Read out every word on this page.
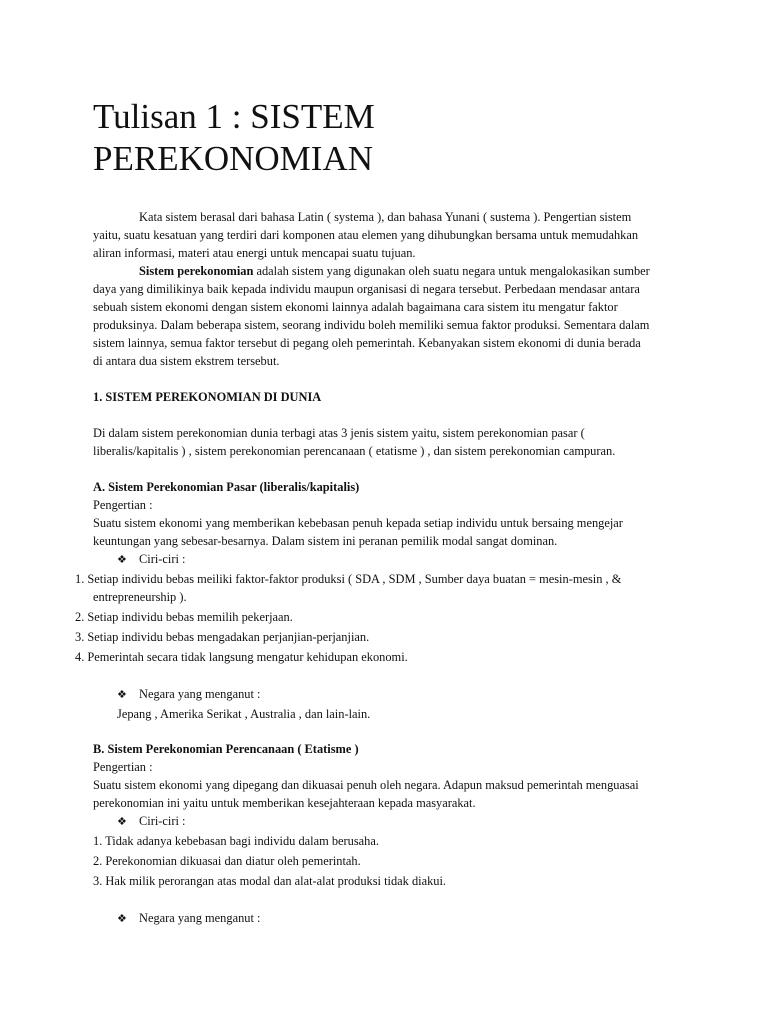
Tulisan 1 : SISTEM PEREKONOMIAN

Kata sistem berasal dari bahasa Latin ( systema ), dan bahasa Yunani ( sustema ). Pengertian sistem

yaitu, suatu kesatuan yang terdiri dari komponen atau elemen yang dihubungkan bersama untuk memudahkan

aliran informasi, materi atau energi untuk mencapai suatu tujuan.

Sistem perekonomian adalah sistem yang digunakan oleh suatu negara untuk mengalokasikan sumber

daya yang dimilikinya baik kepada individu maupun organisasi di negara tersebut. Perbedaan mendasar antara

sebuah sistem ekonomi dengan sistem ekonomi lainnya adalah bagaimana cara sistem itu mengatur faktor

produksinya. Dalam beberapa sistem, seorang individu boleh memiliki semua faktor produksi. Sementara dalam

sistem lainnya, semua faktor tersebut di pegang oleh pemerintah. Kebanyakan sistem ekonomi di dunia berada

di antara dua sistem ekstrem tersebut.

1. SISTEM PEREKONOMIAN DI DUNIA

Di dalam sistem perekonomian dunia terbagi atas 3 jenis sistem yaitu, sistem perekonomian pasar (

liberalis/kapitalis ) , sistem perekonomian perencanaan ( etatisme ) , dan sistem perekonomian campuran.

A. Sistem Perekonomian Pasar (liberalis/kapitalis)

Pengertian :

Suatu sistem ekonomi yang memberikan kebebasan penuh kepada setiap individu untuk bersaing mengejar

keuntungan yang sebesar-besarnya. Dalam sistem ini peranan pemilik modal sangat dominan.

❖ Ciri-ciri :

1. Setiap individu bebas meiliki faktor-faktor produksi ( SDA , SDM , Sumber daya buatan = mesin-mesin , &

entrepreneurship ).

2. Setiap individu bebas memilih pekerjaan.

3. Setiap individu bebas mengadakan perjanjian-perjanjian.

4. Pemerintah secara tidak langsung mengatur kehidupan ekonomi.

❖ Negara yang menganut :

Jepang , Amerika Serikat , Australia , dan lain-lain.

B. Sistem Perekonomian Perencanaan ( Etatisme )

Pengertian :

Suatu sistem ekonomi yang dipegang dan dikuasai penuh oleh negara. Adapun maksud pemerintah menguasai

perekonomian ini yaitu untuk memberikan kesejahteraan kepada masyarakat.

❖ Ciri-ciri :

1. Tidak adanya kebebasan bagi individu dalam berusaha.

2. Perekonomian dikuasai dan diatur oleh pemerintah.

3. Hak milik perorangan atas modal dan alat-alat produksi tidak diakui.

❖ Negara yang menganut :
